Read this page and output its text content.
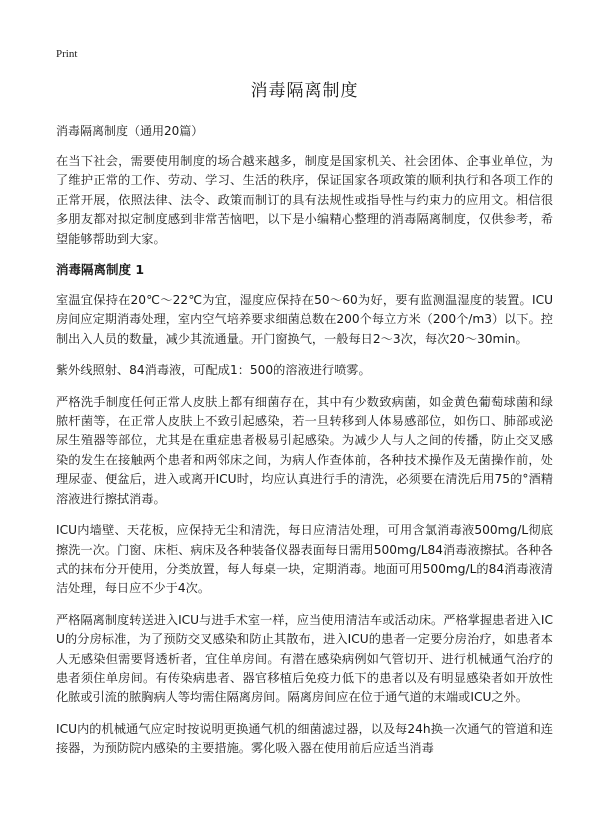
Print
消毒隔离制度
消毒隔离制度（通用20篇）

在当下社会，需要使用制度的场合越来越多，制度是国家机关、社会团体、企事业单位，为了维护正常的工作、劳动、学习、生活的秩序，保证国家各项政策的顺利执行和各项工作的正常开展，依照法律、法令、政策而制订的具有法规性或指导性与约束力的应用文。相信很多朋友都对拟定制度感到非常苦恼吧，以下是小编精心整理的消毒隔离制度，仅供参考，希望能够帮助到大家。

消毒隔离制度 1

室温宜保持在20℃～22℃为宜，湿度应保持在50～60为好，要有监测温湿度的装置。ICU房间应定期消毒处理，室内空气培养要求细菌总数在200个每立方米（200个/m3）以下。控制出入人员的数量，减少其流通量。开门窗换气，一般每日2～3次，每次20～30min。

紫外线照射、84消毒液，可配成1：500的溶液进行喷雾。

严格洗手制度任何正常人皮肤上都有细菌存在，其中有少数致病菌，如金黄色葡萄球菌和绿脓杆菌等，在正常人皮肤上不致引起感染，若一旦转移到人体易感部位，如伤口、肺部或泌尿生殖器等部位，尤其是在重症患者极易引起感染。为减少人与人之间的传播，防止交叉感染的发生在接触两个患者和两邻床之间，为病人作查体前，各种技术操作及无菌操作前，处理尿壶、便盆后，进入或离开ICU时，均应认真进行手的清洗，必须要在清洗后用75的°酒精溶液进行擦拭消毒。

ICU内墙壁、天花板，应保持无尘和清洗，每日应清洁处理，可用含氯消毒液500mg/L彻底擦洗一次。门窗、床柜、病床及各种装备仪器表面每日需用500mg/L84消毒液擦拭。各种各式的抹布分开使用，分类放置，每人每桌一块，定期消毒。地面可用500mg/L的84消毒液清洁处理，每日应不少于4次。

严格隔离制度转送进入ICU与进手术室一样，应当使用清洁车或活动床。严格掌握患者进入ICU的分房标准，为了预防交叉感染和防止其散布，进入ICU的患者一定要分房治疗，如患者本人无感染但需要肾透析者，宜住单房间。有潜在感染病例如气管切开、进行机械通气治疗的患者须住单房间。有传染病患者、器官移植后免疫力低下的患者以及有明显感染者如开放性化脓或引流的脓胸病人等均需住隔离房间。隔离房间应在位于通气道的末端或ICU之外。

ICU内的机械通气应定时按说明更换通气机的细菌滤过器，以及每24h换一次通气的管道和连接器，为预防院内感染的主要措施。雾化吸入器在使用前后应适当消毒
